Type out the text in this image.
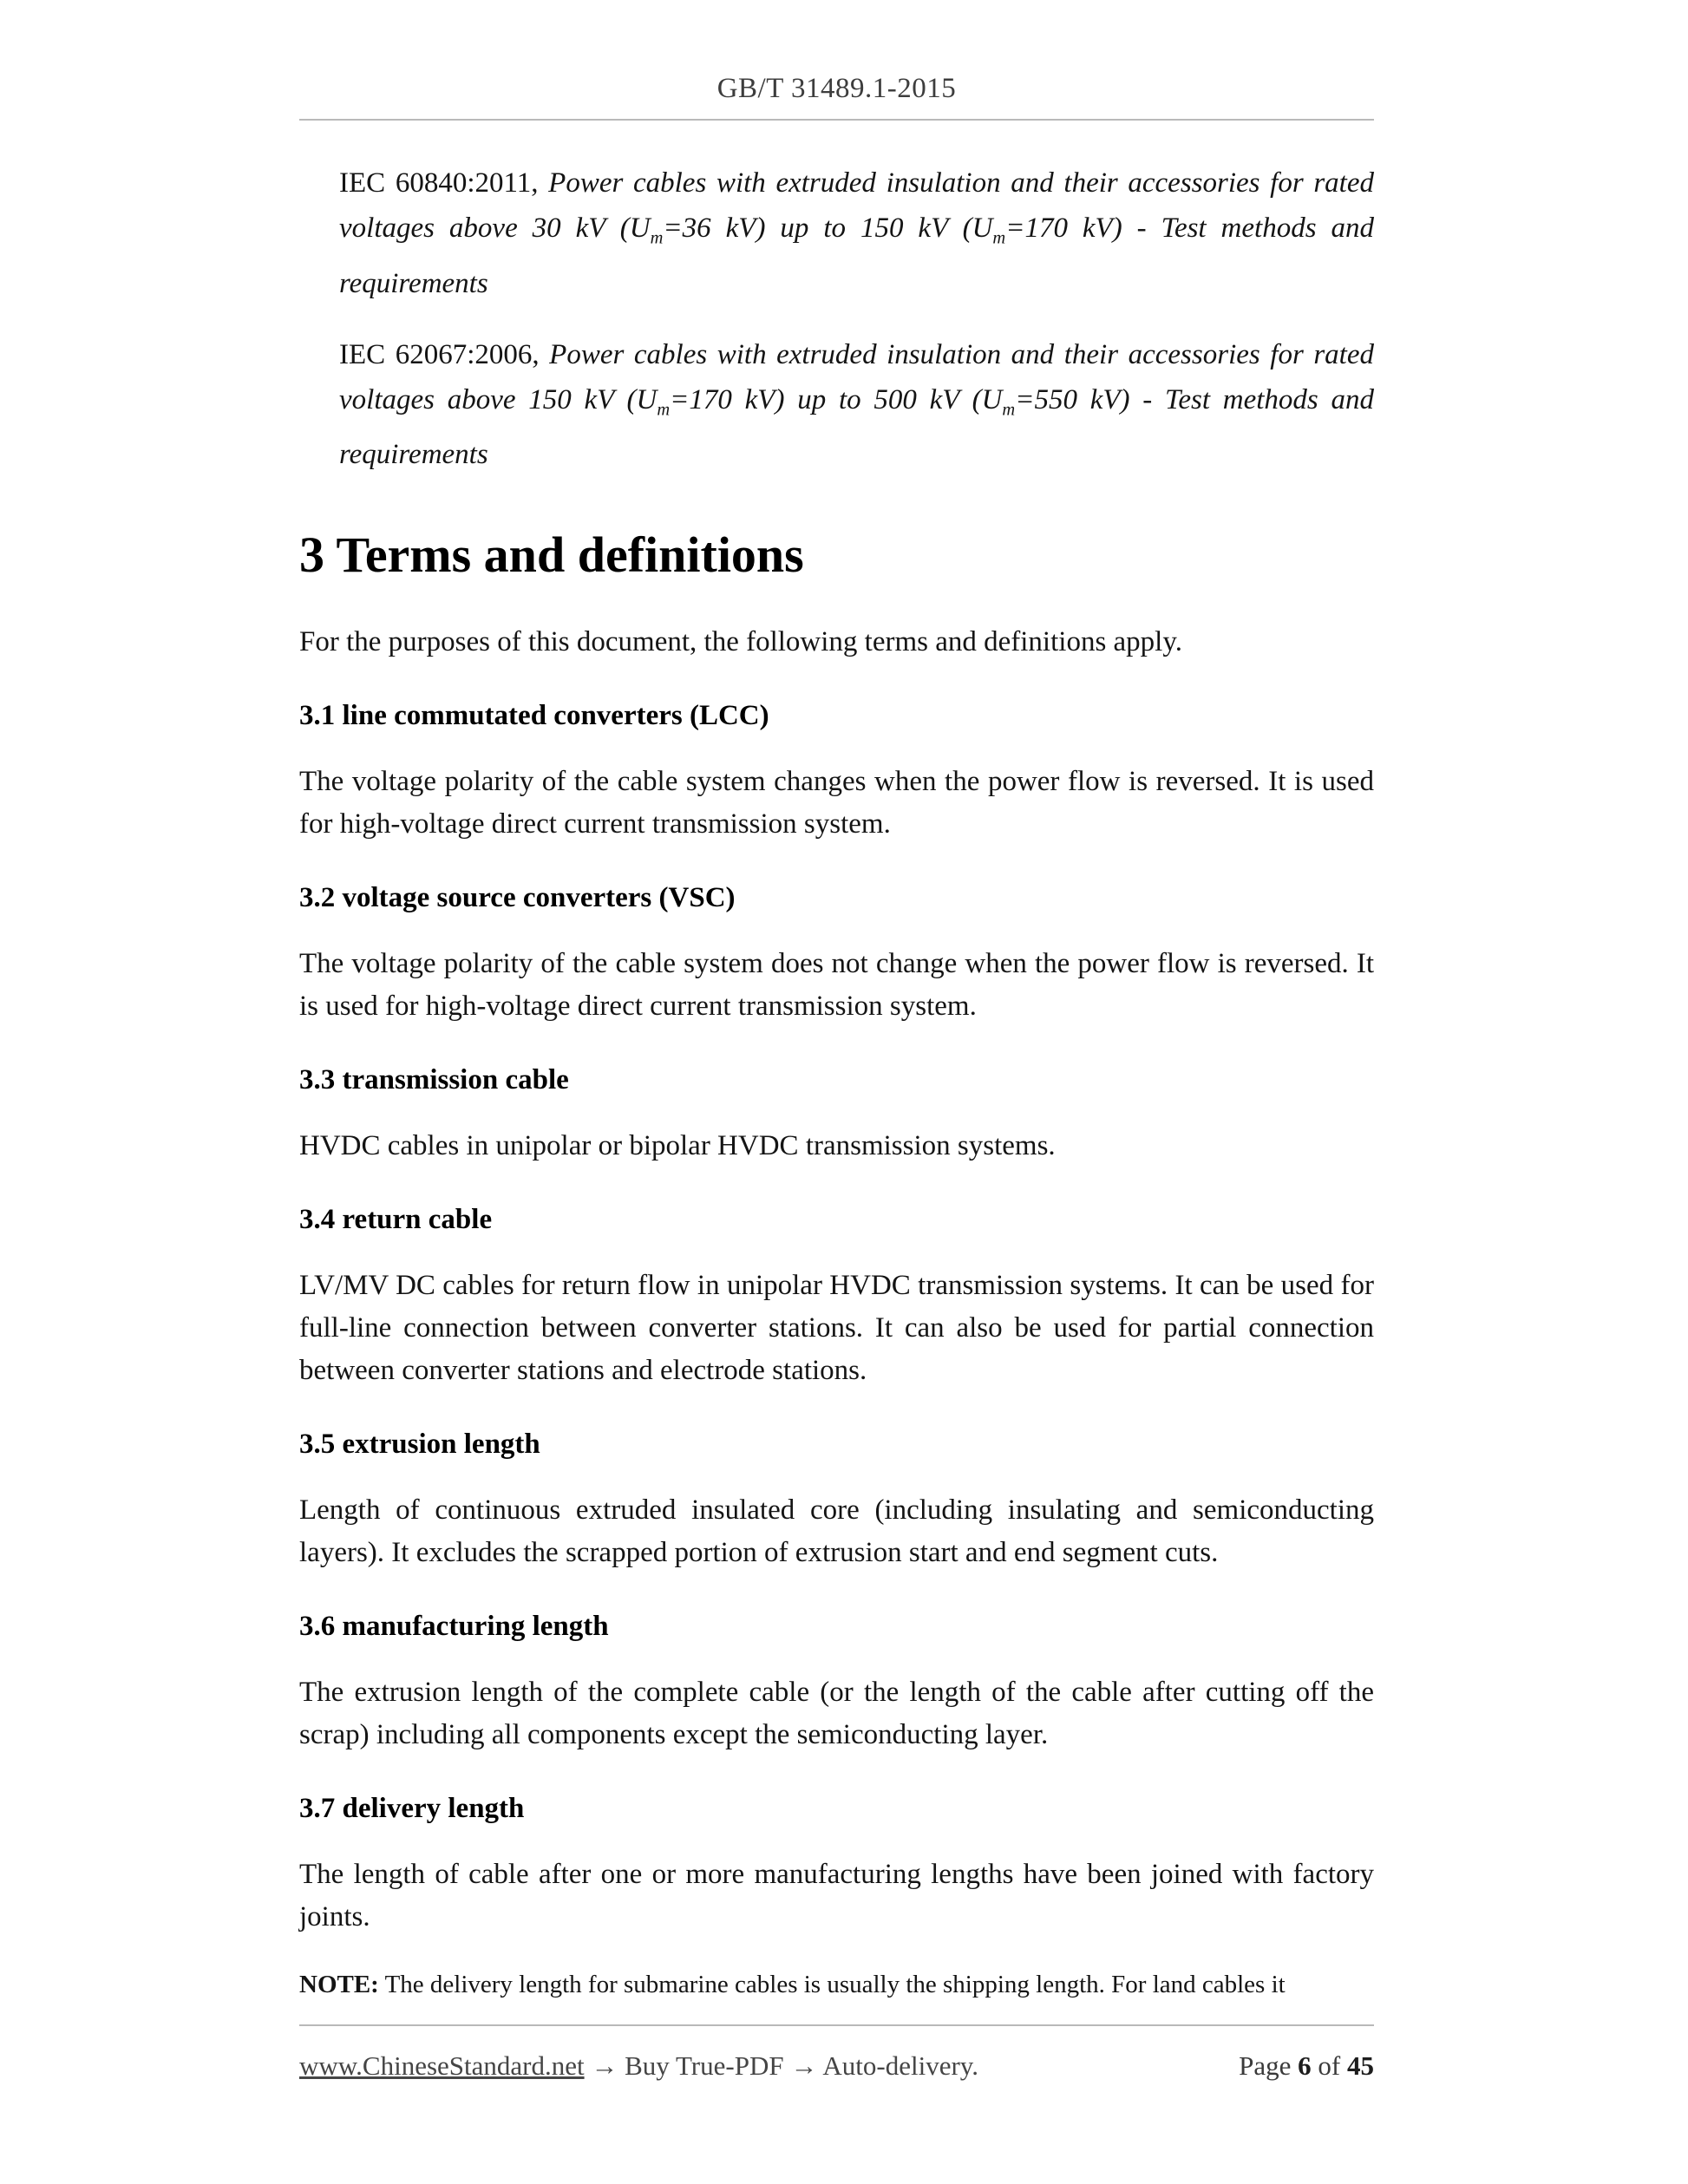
GB/T 31489.1-2015

IEC 60840:2011, Power cables with extruded insulation and their accessories for rated voltages above 30 kV ($U_m=36$ kV) up to 150 kV ($U_m=170$ kV) - Test methods and requirements

IEC 62067:2006, Power cables with extruded insulation and their accessories for rated voltages above 150 kV ($U_m=170$ kV) up to 500 kV ($U_m=550$ kV) - Test methods and requirements

3 Terms and definitions

For the purposes of this document, the following terms and definitions apply.

3.1 line commutated converters (LCC)

The voltage polarity of the cable system changes when the power flow is reversed. It is used for high-voltage direct current transmission system.

3.2 voltage source converters (VSC)

The voltage polarity of the cable system does not change when the power flow is reversed. It is used for high-voltage direct current transmission system.

3.3 transmission cable

HVDC cables in unipolar or bipolar HVDC transmission systems.

3.4 return cable

LV/MV DC cables for return flow in unipolar HVDC transmission systems. It can be used for full-line connection between converter stations. It can also be used for partial connection between converter stations and electrode stations.

3.5 extrusion length

Length of continuous extruded insulated core (including insulating and semiconducting layers). It excludes the scrapped portion of extrusion start and end segment cuts.

3.6 manufacturing length

The extrusion length of the complete cable (or the length of the cable after cutting off the scrap) including all components except the semiconducting layer.

3.7 delivery length

The length of cable after one or more manufacturing lengths have been joined with factory joints.

NOTE: The delivery length for submarine cables is usually the shipping length. For land cables it

www.ChineseStandard.net → Buy True-PDF → Auto-delivery.	Page 6 of 45
